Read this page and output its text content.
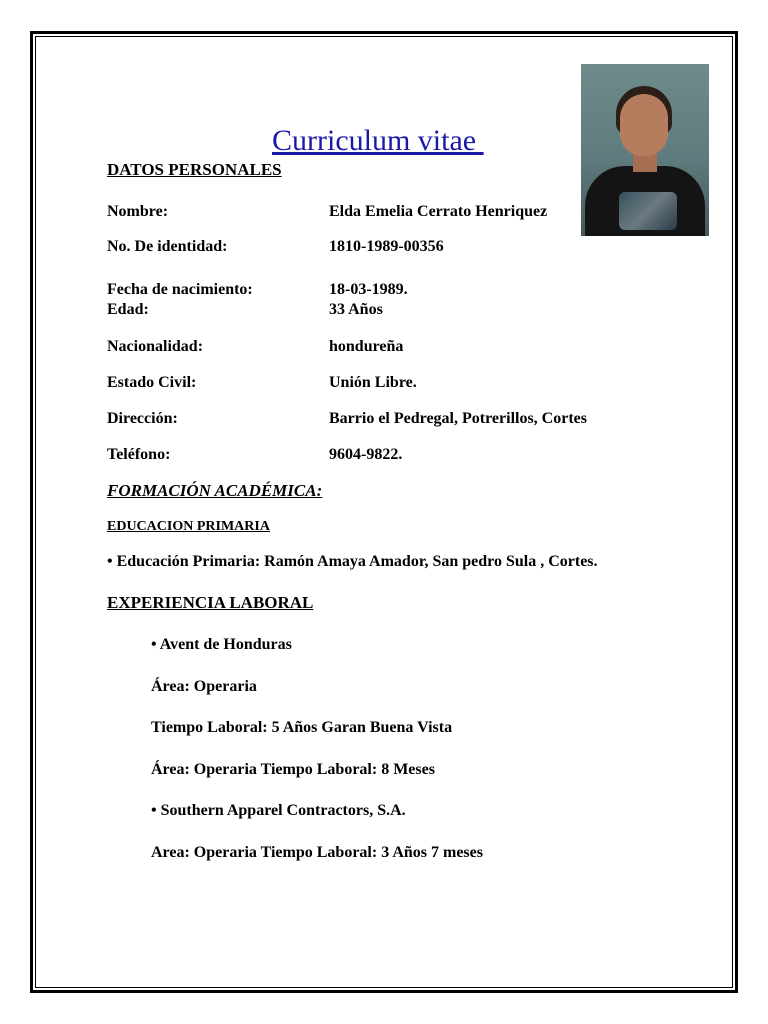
Curriculum vitae
DATOS PERSONALES
Nombre:	Elda Emelia Cerrato Henriquez
No. De identidad:	1810-1989-00356
Fecha de nacimiento:	18-03-1989.
Edad:	33 Años
Nacionalidad:	hondureña
Estado Civil:	Unión Libre.
Dirección:	Barrio el Pedregal, Potrerillos, Cortes
Teléfono:	9604-9822.
FORMACIÓN ACADÉMICA:
EDUCACION PRIMARIA
• Educación Primaria: Ramón Amaya Amador, San pedro Sula , Cortes.
EXPERIENCIA LABORAL
• Avent de Honduras
Área: Operaria
Tiempo Laboral: 5 Años Garan Buena Vista
Área: Operaria Tiempo Laboral: 8 Meses
• Southern Apparel Contractors, S.A.
Area: Operaria Tiempo Laboral: 3 Años 7 meses
